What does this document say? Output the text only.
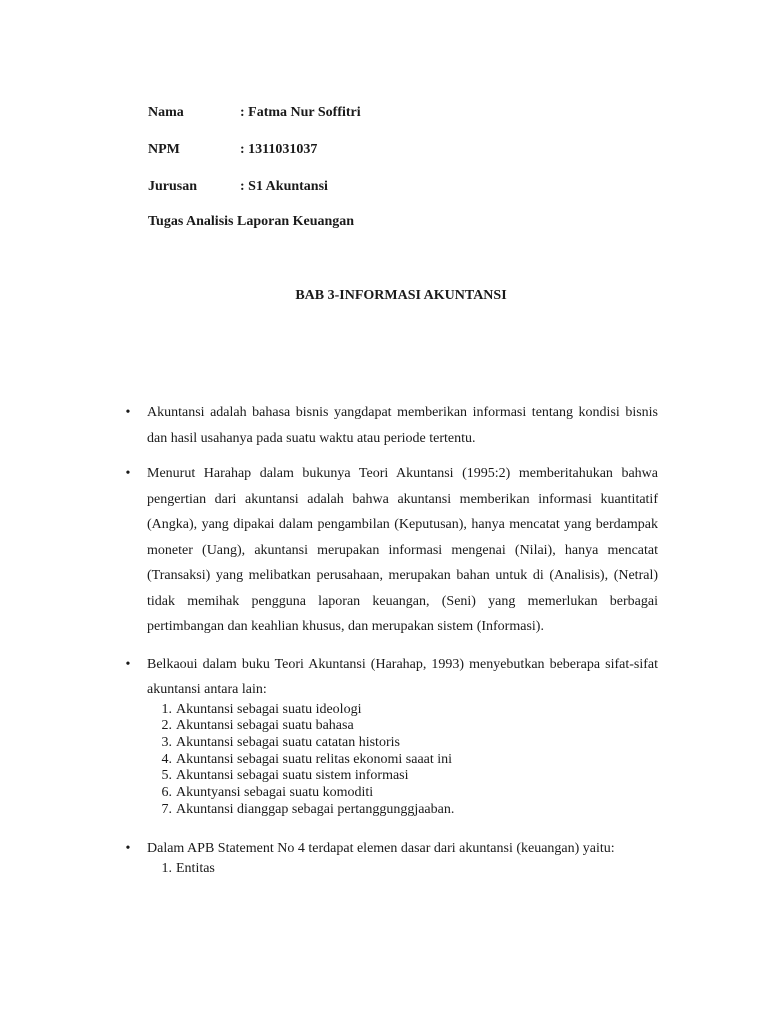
Nama	: Fatma Nur Soffitri
NPM	: 1311031037
Jurusan	: S1 Akuntansi
Tugas Analisis Laporan Keuangan
BAB 3-INFORMASI AKUNTANSI
•	Akuntansi adalah bahasa bisnis yangdapat memberikan informasi tentang kondisi bisnis dan hasil usahanya pada suatu waktu atau periode tertentu.
•	Menurut Harahap dalam bukunya Teori Akuntansi (1995:2) memberitahukan bahwa pengertian dari akuntansi adalah bahwa akuntansi memberikan informasi kuantitatif (Angka), yang dipakai dalam pengambilan (Keputusan), hanya mencatat yang berdampak moneter (Uang), akuntansi merupakan informasi mengenai (Nilai), hanya mencatat (Transaksi) yang melibatkan perusahaan, merupakan bahan untuk di (Analisis), (Netral) tidak memihak pengguna laporan keuangan, (Seni) yang memerlukan berbagai pertimbangan dan keahlian khusus, dan merupakan sistem (Informasi).
•	Belkaoui dalam buku Teori Akuntansi (Harahap, 1993) menyebutkan beberapa sifat-sifat akuntansi antara lain:
1. Akuntansi sebagai suatu ideologi
2. Akuntansi sebagai suatu bahasa
3. Akuntansi sebagai suatu catatan historis
4. Akuntansi sebagai suatu relitas ekonomi saaat ini
5. Akuntansi sebagai suatu sistem informasi
6. Akuntyansi sebagai suatu komoditi
7. Akuntansi dianggap sebagai pertanggunggjaaban.
•	Dalam APB Statement No 4 terdapat elemen dasar dari akuntansi (keuangan) yaitu:
1. Entitas
